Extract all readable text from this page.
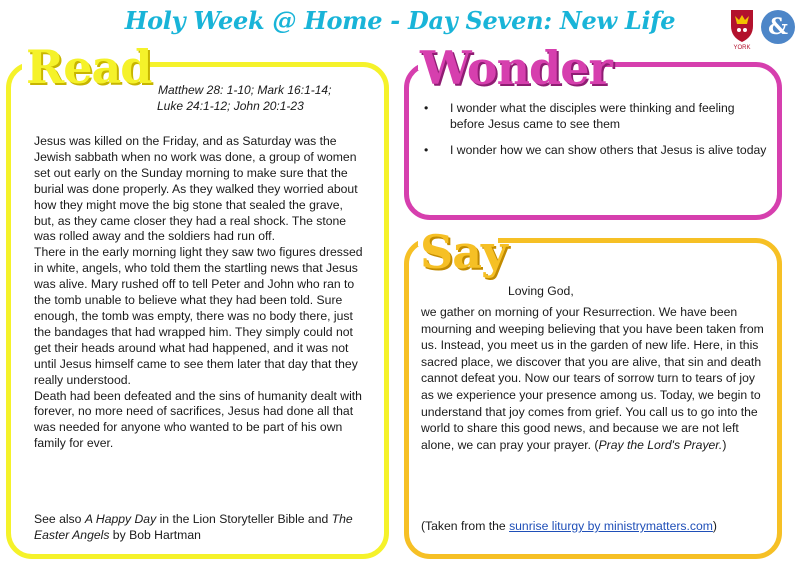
Holy Week @ Home - Day Seven: New Life
YORK
&
Read Matthew 28: 1-10; Mark 16:1-14;
Luke 24:1-12; John 20:1-23

Jesus was killed on the Friday, and as Saturday was the Jewish sabbath when no work was done, a group of women set out early on the Sunday morning to make sure that the burial was done properly. As they walked they worried about how they might move the big stone that sealed the grave, but, as they came closer they had a real shock. The stone was rolled away and the soldiers had run off.

There in the early morning light they saw two figures dressed in white, angels, who told them the startling news that Jesus was alive. Mary rushed off to tell Peter and John who ran to the tomb unable to believe what they had been told. Sure enough, the tomb was empty, there was no body there, just the bandages that had wrapped him. They simply could not get their heads around what had happened, and it was not until Jesus himself came to see them later that day that they really understood.

Death had been defeated and the sins of humanity dealt with forever, no more need of sacrifices, Jesus had done all that was needed for anyone who wanted to be part of his own family for ever.

See also A Happy Day in the Lion Storyteller Bible and The Easter Angels by Bob Hartman
Wonder
• I wonder what the disciples were thinking and feeling before Jesus came to see them
• I wonder how we can show others that Jesus is alive today
Say
Loving God,
we gather on morning of your Resurrection. We have been mourning and weeping believing that you have been taken from us. Instead, you meet us in the garden of new life. Here, in this sacred place, we discover that you are alive, that sin and death cannot defeat you. Now our tears of sorrow turn to tears of joy as we experience your presence among us. Today, we begin to understand that joy comes from grief. You call us to go into the world to share this good news, and because we are not left alone, we can pray your prayer. (Pray the Lord's Prayer.)
(Taken from the sunrise liturgy by ministrymatters.com)
